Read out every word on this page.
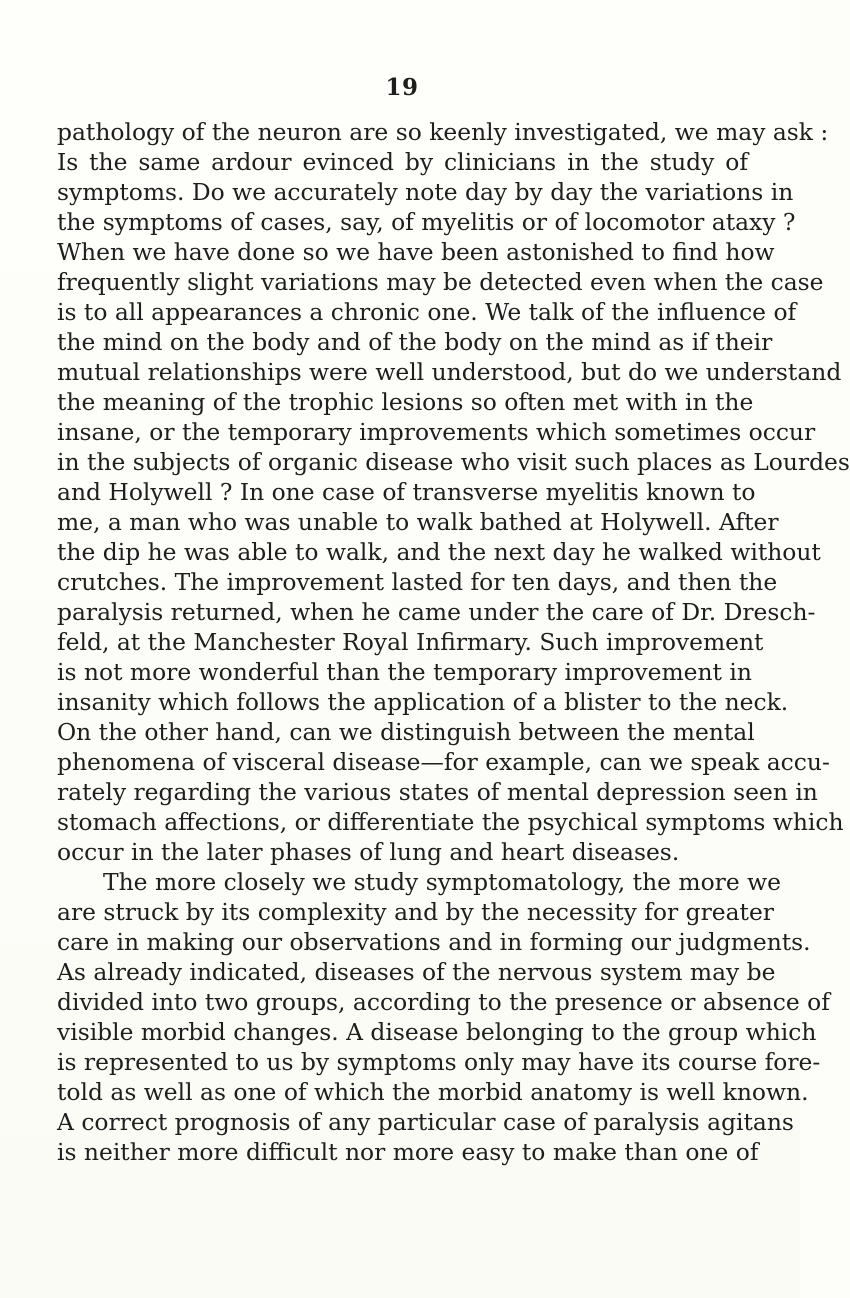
19
pathology of the neuron are so keenly investigated, we may ask :
Is the same ardour evinced by clinicians in the study of
symptoms. Do we accurately note day by day the variations in
the symptoms of cases, say, of myelitis or of locomotor ataxy ?
When we have done so we have been astonished to find how
frequently slight variations may be detected even when the case
is to all appearances a chronic one. We talk of the influence of
the mind on the body and of the body on the mind as if their
mutual relationships were well understood, but do we understand
the meaning of the trophic lesions so often met with in the
insane, or the temporary improvements which sometimes occur
in the subjects of organic disease who visit such places as Lourdes
and Holywell ? In one case of transverse myelitis known to
me, a man who was unable to walk bathed at Holywell. After
the dip he was able to walk, and the next day he walked without
crutches. The improvement lasted for ten days, and then the
paralysis returned, when he came under the care of Dr. Dresch-
feld, at the Manchester Royal Infirmary. Such improvement
is not more wonderful than the temporary improvement in
insanity which follows the application of a blister to the neck.
On the other hand, can we distinguish between the mental
phenomena of visceral disease—for example, can we speak accu-
rately regarding the various states of mental depression seen in
stomach affections, or differentiate the psychical symptoms which
occur in the later phases of lung and heart diseases.
The more closely we study symptomatology, the more we
are struck by its complexity and by the necessity for greater
care in making our observations and in forming our judgments.
As already indicated, diseases of the nervous system may be
divided into two groups, according to the presence or absence of
visible morbid changes. A disease belonging to the group which
is represented to us by symptoms only may have its course fore-
told as well as one of which the morbid anatomy is well known.
A correct prognosis of any particular case of paralysis agitans
is neither more difficult nor more easy to make than one of
